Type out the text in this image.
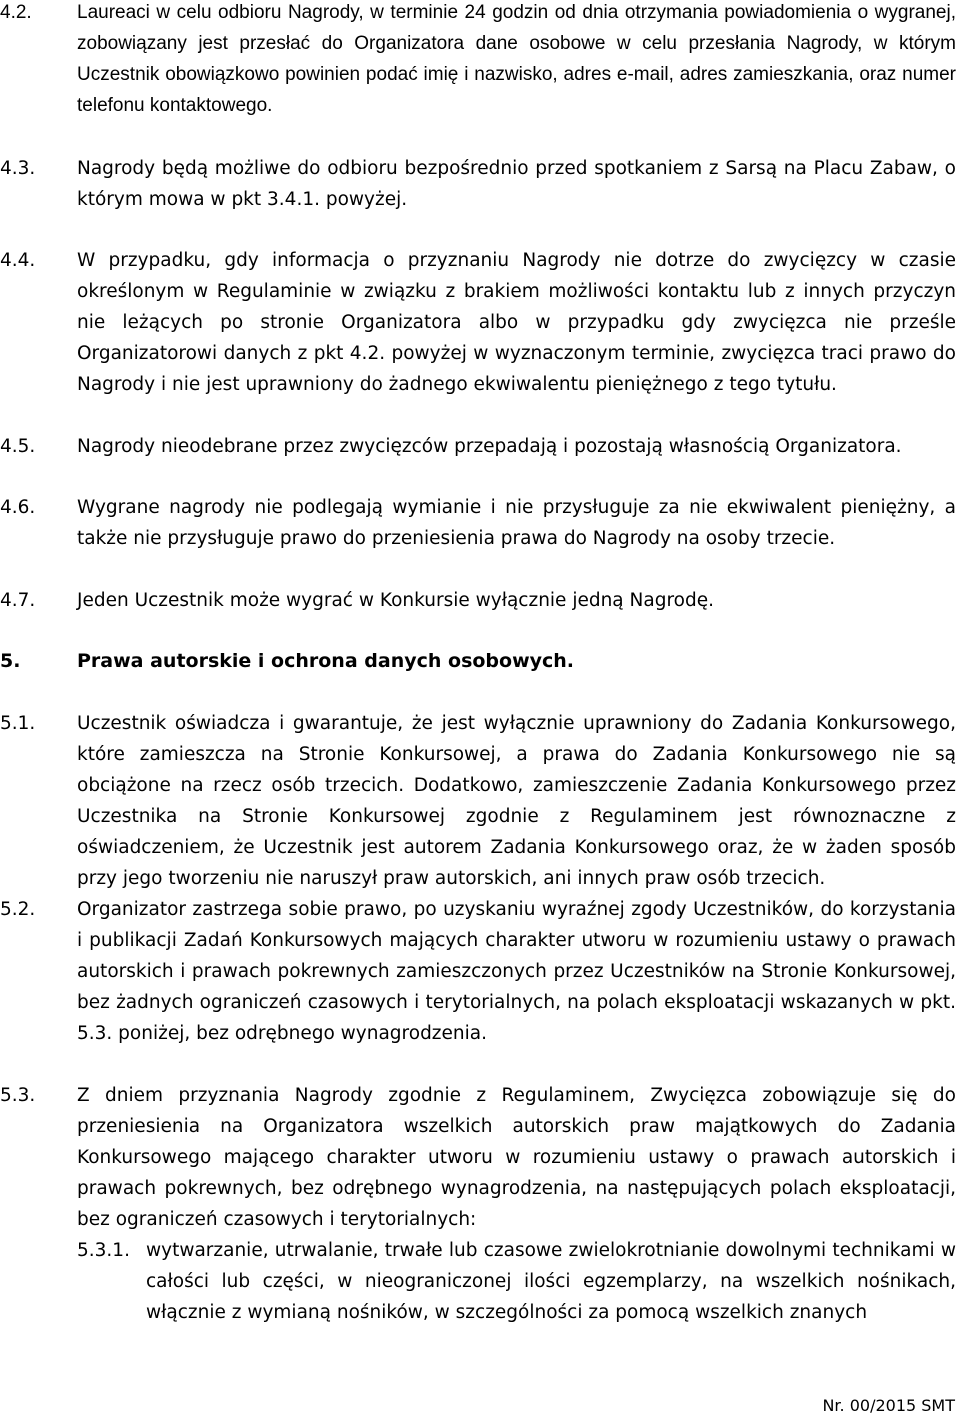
4.2. Laureaci w celu odbioru Nagrody, w terminie 24 godzin od dnia otrzymania powiadomienia o wygranej, zobowiązany jest przesłać do Organizatora dane osobowe w celu przesłania Nagrody, w którym Uczestnik obowiązkowo powinien podać imię i nazwisko, adres e-mail, adres zamieszkania, oraz numer telefonu kontaktowego.
4.3. Nagrody będą możliwe do odbioru bezpośrednio przed spotkaniem z Sarsą na Placu Zabaw, o którym mowa w pkt 3.4.1. powyżej.
4.4. W przypadku, gdy informacja o przyznaniu Nagrody nie dotrze do zwycięzcy w czasie określonym w Regulaminie w związku z brakiem możliwości kontaktu lub z innych przyczyn nie leżących po stronie Organizatora albo w przypadku gdy zwycięzca nie prześle Organizatorowi danych z pkt 4.2. powyżej w wyznaczonym terminie, zwycięzca traci prawo do Nagrody i nie jest uprawniony do żadnego ekwiwalentu pieniężnego z tego tytułu.
4.5. Nagrody nieodebrane przez zwycięzców przepadają i pozostają własnością Organizatora.
4.6. Wygrane nagrody nie podlegają wymianie i nie przysługuje za nie ekwiwalent pieniężny, a także nie przysługuje prawo do przeniesienia prawa do Nagrody na osoby trzecie.
4.7. Jeden Uczestnik może wygrać w Konkursie wyłącznie jedną Nagrodę.
5.	Prawa autorskie i ochrona danych osobowych.
5.1. Uczestnik oświadcza i gwarantuje, że jest wyłącznie uprawniony do Zadania Konkursowego, które zamieszcza na Stronie Konkursowej, a prawa do Zadania Konkursowego nie są obciążone na rzecz osób trzecich. Dodatkowo, zamieszczenie Zadania Konkursowego przez Uczestnika na Stronie Konkursowej zgodnie z Regulaminem jest równoznaczne z oświadczeniem, że Uczestnik jest autorem Zadania Konkursowego oraz, że w żaden sposób przy jego tworzeniu nie naruszył praw autorskich, ani innych praw osób trzecich.
5.2. Organizator zastrzega sobie prawo, po uzyskaniu wyraźnej zgody Uczestników, do korzystania i publikacji Zadań Konkursowych mających charakter utworu w rozumieniu ustawy o prawach autorskich i prawach pokrewnych zamieszczonych przez Uczestników na Stronie Konkursowej, bez żadnych ograniczeń czasowych i terytorialnych, na polach eksploatacji wskazanych w pkt. 5.3. poniżej, bez odrębnego wynagrodzenia.
5.3. Z dniem przyznania Nagrody zgodnie z Regulaminem, Zwycięzca zobowiązuje się do przeniesienia na Organizatora wszelkich autorskich praw majątkowych do Zadania Konkursowego mającego charakter utworu w rozumieniu ustawy o prawach autorskich i prawach pokrewnych, bez odrębnego wynagrodzenia, na następujących polach eksploatacji, bez ograniczeń czasowych i terytorialnych:
5.3.1. wytwarzanie, utrwalanie, trwałe lub czasowe zwielokrotnianie dowolnymi technikami w całości lub części, w nieograniczonej ilości egzemplarzy, na wszelkich nośnikach, włącznie z wymianą nośników, w szczególności za pomocą wszelkich znanych
Nr. 00/2015 SMT
